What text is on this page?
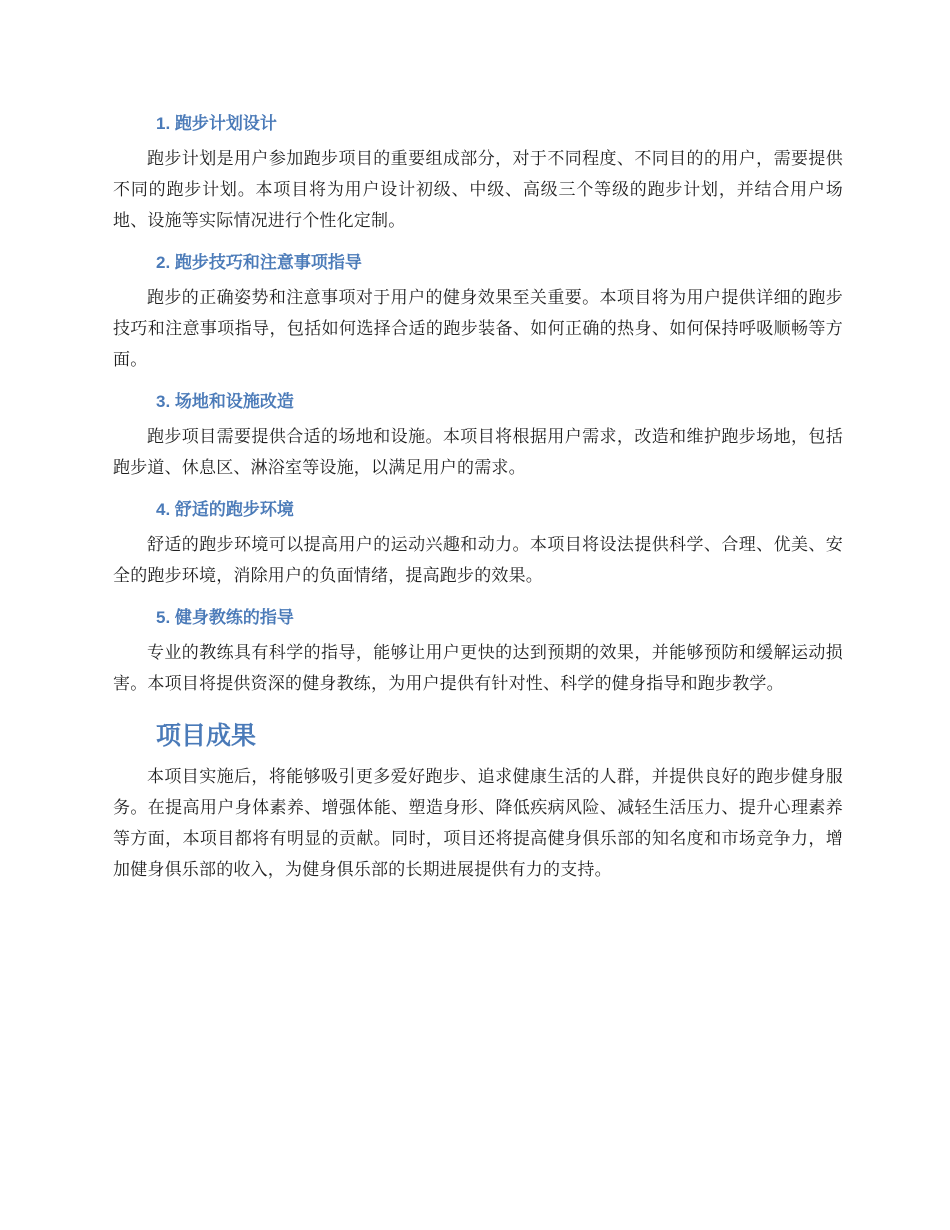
1. 跑步计划设计

跑步计划是用户参加跑步项目的重要组成部分，对于不同程度、不同目的的用户，需要提供不同的跑步计划。本项目将为用户设计初级、中级、高级三个等级的跑步计划，并结合用户场地、设施等实际情况进行个性化定制。

2. 跑步技巧和注意事项指导

跑步的正确姿势和注意事项对于用户的健身效果至关重要。本项目将为用户提供详细的跑步技巧和注意事项指导，包括如何选择合适的跑步装备、如何正确的热身、如何保持呼吸顺畅等方面。

3. 场地和设施改造

跑步项目需要提供合适的场地和设施。本项目将根据用户需求，改造和维护跑步场地，包括跑步道、休息区、淋浴室等设施，以满足用户的需求。

4. 舒适的跑步环境

舒适的跑步环境可以提高用户的运动兴趣和动力。本项目将设法提供科学、合理、优美、安全的跑步环境，消除用户的负面情绪，提高跑步的效果。

5. 健身教练的指导

专业的教练具有科学的指导，能够让用户更快的达到预期的效果，并能够预防和缓解运动损害。本项目将提供资深的健身教练，为用户提供有针对性、科学的健身指导和跑步教学。

项目成果

本项目实施后，将能够吸引更多爱好跑步、追求健康生活的人群，并提供良好的跑步健身服务。在提高用户身体素养、增强体能、塑造身形、降低疾病风险、减轻生活压力、提升心理素养等方面，本项目都将有明显的贡献。同时，项目还将提高健身俱乐部的知名度和市场竞争力，增加健身俱乐部的收入，为健身俱乐部的长期进展提供有力的支持。
